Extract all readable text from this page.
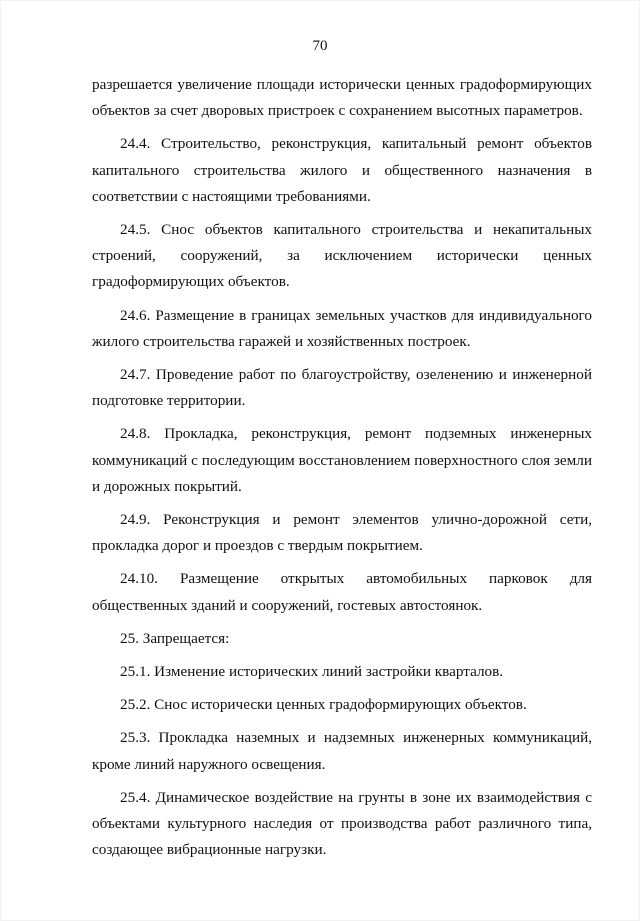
70

разрешается увеличение площади исторически ценных градоформирующих объектов за счет дворовых пристроек с сохранением высотных параметров.

24.4. Строительство, реконструкция, капитальный ремонт объектов капитального строительства жилого и общественного назначения в соответствии с настоящими требованиями.

24.5. Снос объектов капитального строительства и некапитальных строений, сооружений, за исключением исторически ценных градоформирующих объектов.

24.6. Размещение в границах земельных участков для индивидуального жилого строительства гаражей и хозяйственных построек.

24.7. Проведение работ по благоустройству, озеленению и инженерной подготовке территории.

24.8. Прокладка, реконструкция, ремонт подземных инженерных коммуникаций с последующим восстановлением поверхностного слоя земли и дорожных покрытий.

24.9. Реконструкция и ремонт элементов улично-дорожной сети, прокладка дорог и проездов с твердым покрытием.

24.10. Размещение открытых автомобильных парковок для общественных зданий и сооружений, гостевых автостоянок.

25. Запрещается:

25.1. Изменение исторических линий застройки кварталов.

25.2. Снос исторически ценных градоформирующих объектов.

25.3. Прокладка наземных и надземных инженерных коммуникаций, кроме линий наружного освещения.

25.4. Динамическое воздействие на грунты в зоне их взаимодействия с объектами культурного наследия от производства работ различного типа, создающее вибрационные нагрузки.
